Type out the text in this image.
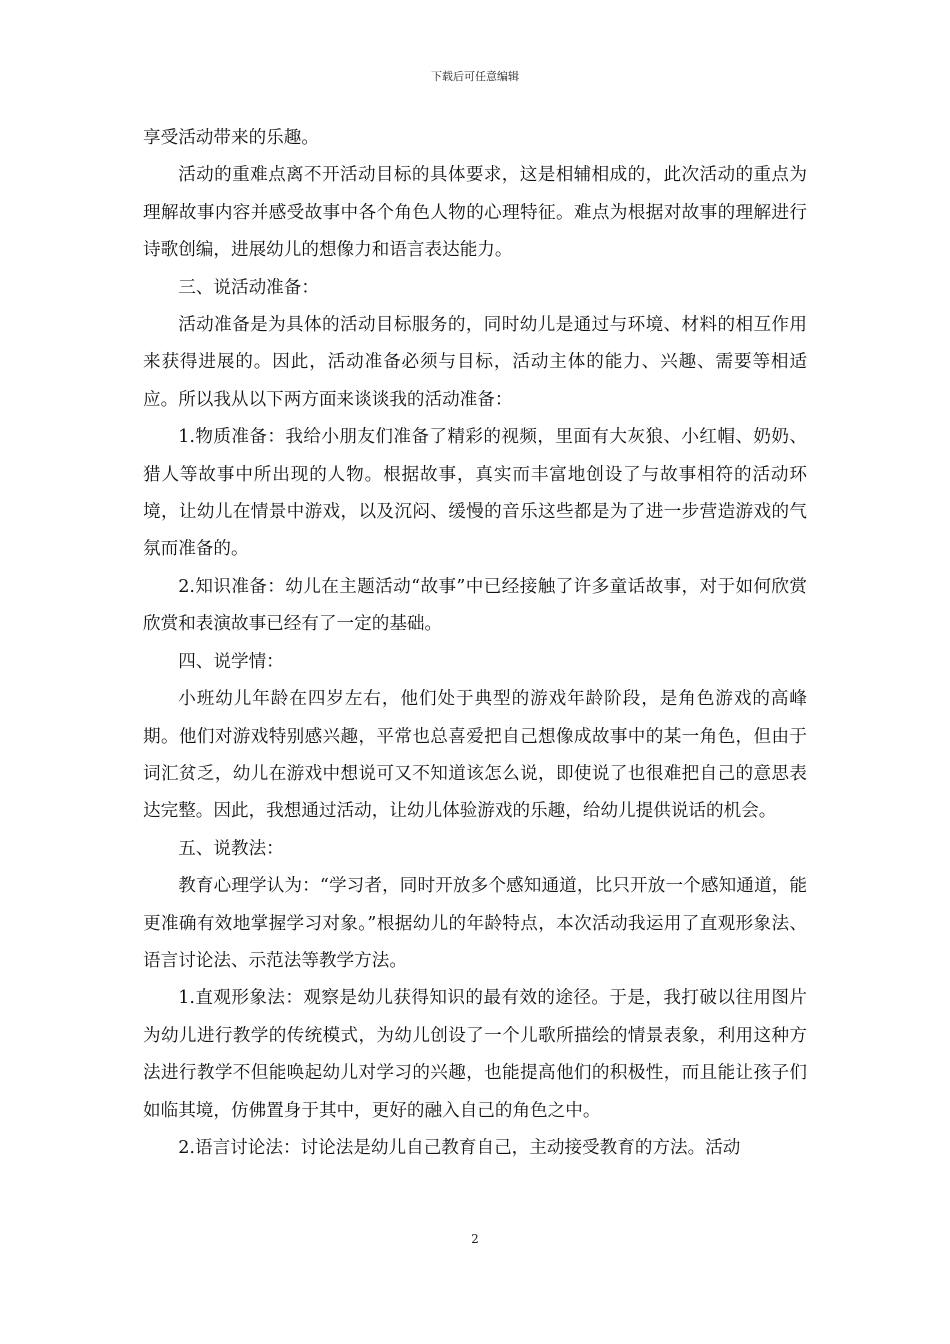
下载后可任意编辑

享受活动带来的乐趣。

活动的重难点离不开活动目标的具体要求，这是相辅相成的，此次活动的重点为理解故事内容并感受故事中各个角色人物的心理特征。难点为根据对故事的理解进行诗歌创编，进展幼儿的想像力和语言表达能力。

三、说活动准备：

活动准备是为具体的活动目标服务的，同时幼儿是通过与环境、材料的相互作用来获得进展的。因此，活动准备必须与目标，活动主体的能力、兴趣、需要等相适应。所以我从以下两方面来谈谈我的活动准备：

1.物质准备：我给小朋友们准备了精彩的视频，里面有大灰狼、小红帽、奶奶、猎人等故事中所出现的人物。根据故事，真实而丰富地创设了与故事相符的活动环境，让幼儿在情景中游戏，以及沉闷、缓慢的音乐这些都是为了进一步营造游戏的气氛而准备的。

2.知识准备：幼儿在主题活动“故事”中已经接触了许多童话故事，对于如何欣赏欣赏和表演故事已经有了一定的基础。

四、说学情：

小班幼儿年龄在四岁左右，他们处于典型的游戏年龄阶段，是角色游戏的高峰期。他们对游戏特别感兴趣，平常也总喜爱把自己想像成故事中的某一角色，但由于词汇贫乏，幼儿在游戏中想说可又不知道该怎么说，即使说了也很难把自己的意思表达完整。因此，我想通过活动，让幼儿体验游戏的乐趣，给幼儿提供说话的机会。

五、说教法：

教育心理学认为：“学习者，同时开放多个感知通道，比只开放一个感知通道，能更准确有效地掌握学习对象。”根据幼儿的年龄特点，本次活动我运用了直观形象法、语言讨论法、示范法等教学方法。

1.直观形象法：观察是幼儿获得知识的最有效的途径。于是，我打破以往用图片为幼儿进行教学的传统模式，为幼儿创设了一个儿歌所描绘的情景表象，利用这种方法进行教学不但能唤起幼儿对学习的兴趣，也能提高他们的积极性，而且能让孩子们如临其境，仿佛置身于其中，更好的融入自己的角色之中。

2.语言讨论法：讨论法是幼儿自己教育自己，主动接受教育的方法。活动

2
